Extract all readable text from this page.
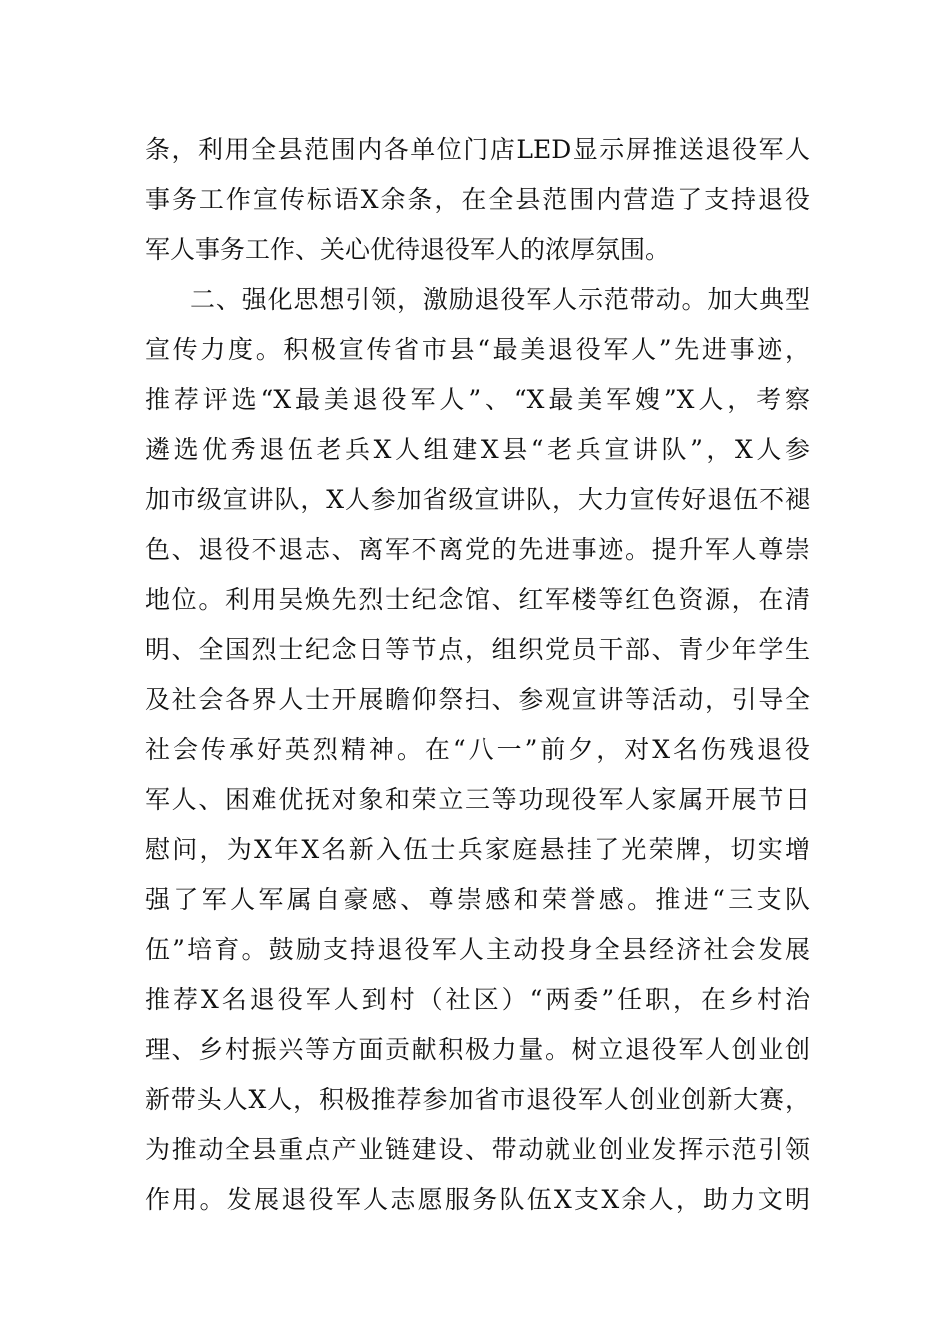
条，利用全县范围内各单位门店LED显示屏推送退役军人
事务工作宣传标语X余条，在全县范围内营造了支持退役
军人事务工作、关心优待退役军人的浓厚氛围。
二、强化思想引领，激励退役军人示范带动。加大典型
宣传力度。积极宣传省市县“最美退役军人”先进事迹，
推荐评选“X最美退役军人”、“X最美军嫂”X人，考察
遴选优秀退伍老兵X人组建X县“老兵宣讲队”，X人参
加市级宣讲队，X人参加省级宣讲队，大力宣传好退伍不褪
色、退役不退志、离军不离党的先进事迹。提升军人尊崇
地位。利用吴焕先烈士纪念馆、红军楼等红色资源，在清
明、全国烈士纪念日等节点，组织党员干部、青少年学生
及社会各界人士开展瞻仰祭扫、参观宣讲等活动，引导全
社会传承好英烈精神。在“八一”前夕，对X名伤残退役
军人、困难优抚对象和荣立三等功现役军人家属开展节日
慰问，为X年X名新入伍士兵家庭悬挂了光荣牌，切实增
强了军人军属自豪感、尊崇感和荣誉感。推进“三支队
伍”培育。鼓励支持退役军人主动投身全县经济社会发展
推荐X名退役军人到村（社区）“两委”任职，在乡村治
理、乡村振兴等方面贡献积极力量。树立退役军人创业创
新带头人X人，积极推荐参加省市退役军人创业创新大赛，
为推动全县重点产业链建设、带动就业创业发挥示范引领
作用。发展退役军人志愿服务队伍X支X余人，助力文明
